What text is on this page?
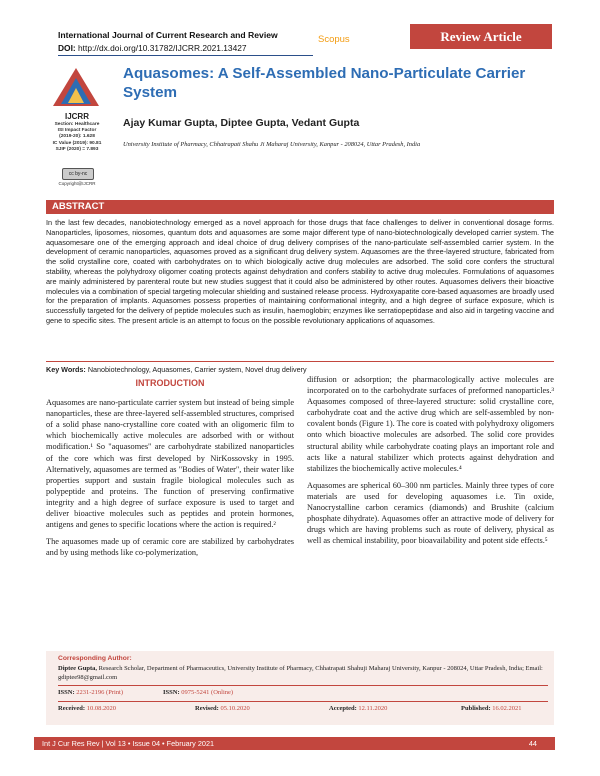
International Journal of Current Research and Review
DOI: http://dx.doi.org/10.31782/IJCRR.2021.13427
Scopus	Review Article
IJCRR
Section: Healthcare
ISI Impact Factor
(2019-20): 1.628
IC Value (2019): 90.81
SJIF (2020) = 7.893
cc by-nc
Copyright@IJCRR
Aquasomes: A Self-Assembled Nano-Particulate Carrier System
Ajay Kumar Gupta, Diptee Gupta, Vedant Gupta
University Institute of Pharmacy, Chhatrapati Shahu Ji Maharaj University, Kanpur - 208024, Uttar Pradesh, India
ABSTRACT
In the last few decades, nanobiotechnology emerged as a novel approach for those drugs that face challenges to deliver in conventional dosage forms. Nanoparticles, liposomes, niosomes, quantum dots and aquasomes are some major different type of nano-biotechnologically developed carrier system. The aquasomesare one of the emerging approach and ideal choice of drug delivery comprises of the nano-particulate self-assembled carrier system. In the development of ceramic nanoparticles, aquasomes proved as a significant drug delivery system. Aquasomes are the three-layered structure, fabricated from the solid crystalline core, coated with carbohydrates on to which biologically active drug molecules are adsorbed. The solid core confers the structural stability, whereas the polyhydroxy oligomer coating protects against dehydration and confers stability to active drug molecules. Formulations of aquasomes are mainly administered by parenteral route but new studies suggest that it could also be administered by other routes. Aquasomes delivers their bioactive molecules via a combination of special targeting molecular shielding and sustained release process. Hydroxyapatite core-based aquasomes are broadly used for the preparation of implants. Aquasomes possess properties of maintaining conformational integrity, and a high degree of surface exposure, which is successfully targeted for the delivery of peptide molecules such as insulin, haemoglobin; enzymes like serratiopeptidase and also aid in targeting vaccine and gene to specific sites. The present article is an attempt to focus on the possible revolutionary applications of aquasomes.
Key Words: Nanobiotechnology, Aquasomes, Carrier system, Novel drug delivery
INTRODUCTION

Aquasomes are nano-particulate carrier system but instead of being simple nanoparticles, these are three-layered self-assembled structures, comprised of a solid phase nano-crystalline core coated with an oligomeric film to which biochemically active molecules are adsorbed with or without modification.¹ So "aquasomes" are carbohydrate stabilized nanoparticles of the core which was first developed by NirKossovsky in 1995. Alternatively, aquasomes are termed as "Bodies of Water", their water like properties support and sustain fragile biological molecules such as polypeptide and proteins. The function of preserving confirmative integrity and a high degree of surface exposure is used to target and deliver bioactive molecules such as peptides and protein hormones, antigens and genes to specific locations where the action is required.²

The aquasomes made up of ceramic core are stabilized by carbohydrates and by using methods like co-polymerization,

diffusion or adsorption; the pharmacologically active molecules are incorporated on to the carbohydrate surfaces of preformed nanoparticles.³ Aquasomes composed of three-layered structure: solid crystalline core, carbohydrate coat and the active drug which are self-assembled by non-covalent bonds (Figure 1). The core is coated with polyhydroxy oligomers onto which bioactive molecules are adsorbed. The solid core provides structural ability while carbohydrate coating plays an important role and acts like a natural stabilizer which protects against dehydration and stabilizes the biochemically active molecules.⁴

Aquasomes are spherical 60–300 nm particles. Mainly three types of core materials are used for developing aquasomes i.e. Tin oxide, Nanocrystalline carbon ceramics (diamonds) and Brushite (calcium phosphate dihydrate). Aquasomes offer an attractive mode of delivery for drugs which are having problems such as route of delivery, physical as well as chemical instability, poor bioavailability and potent side effects.⁵

Corresponding Author:
Diptee Gupta, Research Scholar, Department of Pharmaceutics, University Institute of Pharmacy, Chhatrapati Shahuji Maharaj University, Kanpur - 208024, Uttar Pradesh, India; Email: gdiptee98@gmail.com
ISSN: 2231-2196 (Print)	ISSN: 0975-5241 (Online)
Received: 10.08.2020	Revised: 05.10.2020	Accepted: 12.11.2020	Published: 16.02.2021
Int J Cur Res Rev | Vol 13 • Issue 04 • February 2021	44
